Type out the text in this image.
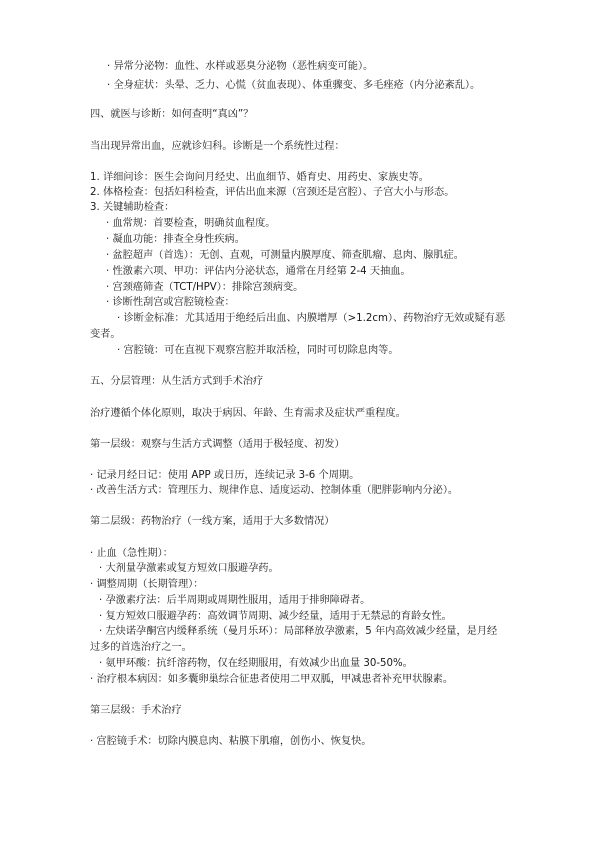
· 异常分泌物：血性、水样或恶臭分泌物（恶性病变可能）。
· 全身症状：头晕、乏力、心慌（贫血表现）、体重骤变、多毛痤疮（内分泌紊乱）。
四、就医与诊断：如何查明“真凶”？
当出现异常出血，应就诊妇科。诊断是一个系统性过程：
1. 详细问诊：医生会询问月经史、出血细节、婚育史、用药史、家族史等。
2. 体格检查：包括妇科检查，评估出血来源（宫颈还是宫腔）、子宫大小与形态。
3. 关键辅助检查：
· 血常规：首要检查，明确贫血程度。
· 凝血功能：排查全身性疾病。
· 盆腔超声（首选）：无创、直观，可测量内膜厚度、筛查肌瘤、息肉、腺肌症。
· 性激素六项、甲功：评估内分泌状态，通常在月经第 2-4 天抽血。
· 宫颈癌筛查（TCT/HPV）：排除宫颈病变。
· 诊断性刮宫或宫腔镜检查：
· 诊断金标准：尤其适用于绝经后出血、内膜增厚（>1.2cm）、药物治疗无效或疑有恶
变者。
· 宫腔镜：可在直视下观察宫腔并取活检，同时可切除息肉等。
五、分层管理：从生活方式到手术治疗
治疗遵循个体化原则，取决于病因、年龄、生育需求及症状严重程度。
第一层级：观察与生活方式调整（适用于极轻度、初发）
· 记录月经日记：使用 APP 或日历，连续记录 3-6 个周期。
· 改善生活方式：管理压力、规律作息、适度运动、控制体重（肥胖影响内分泌）。
第二层级：药物治疗（一线方案，适用于大多数情况）
· 止血（急性期）：
· 大剂量孕激素或复方短效口服避孕药。
· 调整周期（长期管理）：
· 孕激素疗法：后半周期或周期性服用，适用于排卵障碍者。
· 复方短效口服避孕药：高效调节周期、减少经量，适用于无禁忌的育龄女性。
· 左炔诺孕酮宫内缓释系统（曼月乐环）：局部释放孕激素，5 年内高效减少经量，是月经
过多的首选治疗之一。
· 氨甲环酸：抗纤溶药物，仅在经期服用，有效减少出血量 30-50%。
· 治疗根本病因：如多囊卵巢综合征患者使用二甲双胍，甲减患者补充甲状腺素。
第三层级：手术治疗
· 宫腔镜手术：切除内膜息肉、粘膜下肌瘤，创伤小、恢复快。
